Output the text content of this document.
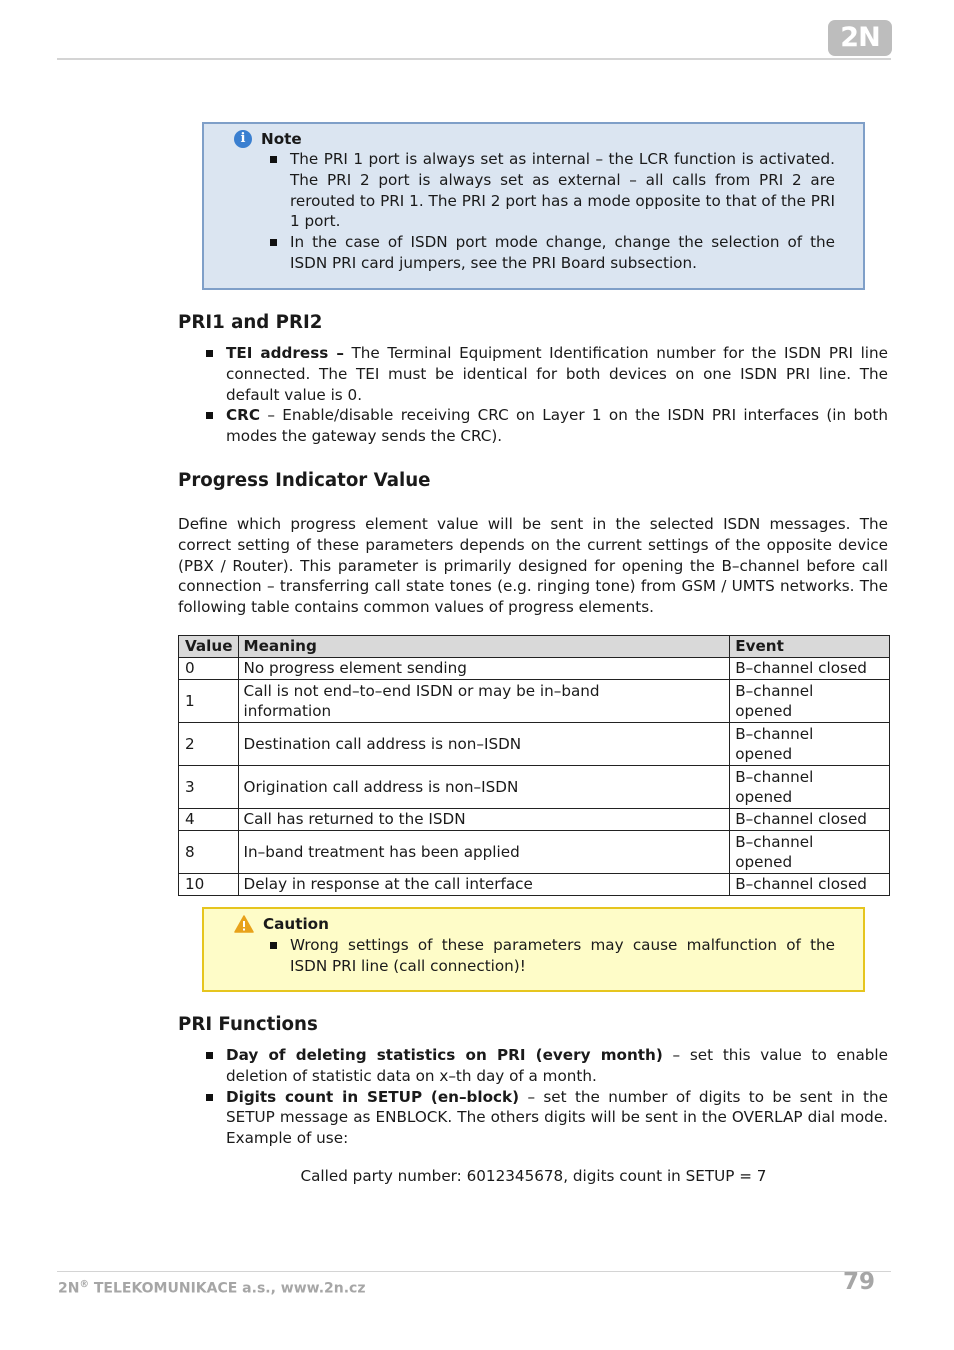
2N
i	Note
The PRI 1 port is always set as internal – the LCR function is activated. The PRI 2 port is always set as external – all calls from PRI 2 are rerouted to PRI 1. The PRI 2 port has a mode opposite to that of the PRI 1 port.
In the case of ISDN port mode change, change the selection of the ISDN PRI card jumpers, see the PRI Board subsection.
PRI1 and PRI2
TEI address – The Terminal Equipment Identification number for the ISDN PRI line connected. The TEI must be identical for both devices on one ISDN PRI line. The default value is 0.
CRC – Enable/disable receiving CRC on Layer 1 on the ISDN PRI interfaces (in both modes the gateway sends the CRC).
Progress Indicator Value

Define which progress element value will be sent in the selected ISDN messages. The correct setting of these parameters depends on the current settings of the opposite device (PBX / Router). This parameter is primarily designed for opening the B–channel before call connection – transferring call state tones (e.g. ringing tone) from GSM / UMTS networks. The following table contains common values of progress elements.

Value	Meaning	Event
0	No progress element sending	B–channel closed
1	Call is not end–to–end ISDN or may be in–band information	B–channel opened
2	Destination call address is non–ISDN	B–channel opened
3	Origination call address is non–ISDN	B–channel opened
4	Call has returned to the ISDN	B–channel closed
8	In–band treatment has been applied	B–channel opened
10	Delay in response at the call interface	B–channel closed
Caution
Wrong settings of these parameters may cause malfunction of the ISDN PRI line (call connection)!
PRI Functions
Day of deleting statistics on PRI (every month) – set this value to enable deletion of statistic data on x–th day of a month.
Digits count in SETUP (en–block) – set the number of digits to be sent in the SETUP message as ENBLOCK. The others digits will be sent in the OVERLAP dial mode. Example of use:
Called party number: 6012345678, digits count in SETUP = 7
2N® TELEKOMUNIKACE a.s., www.2n.cz	79
